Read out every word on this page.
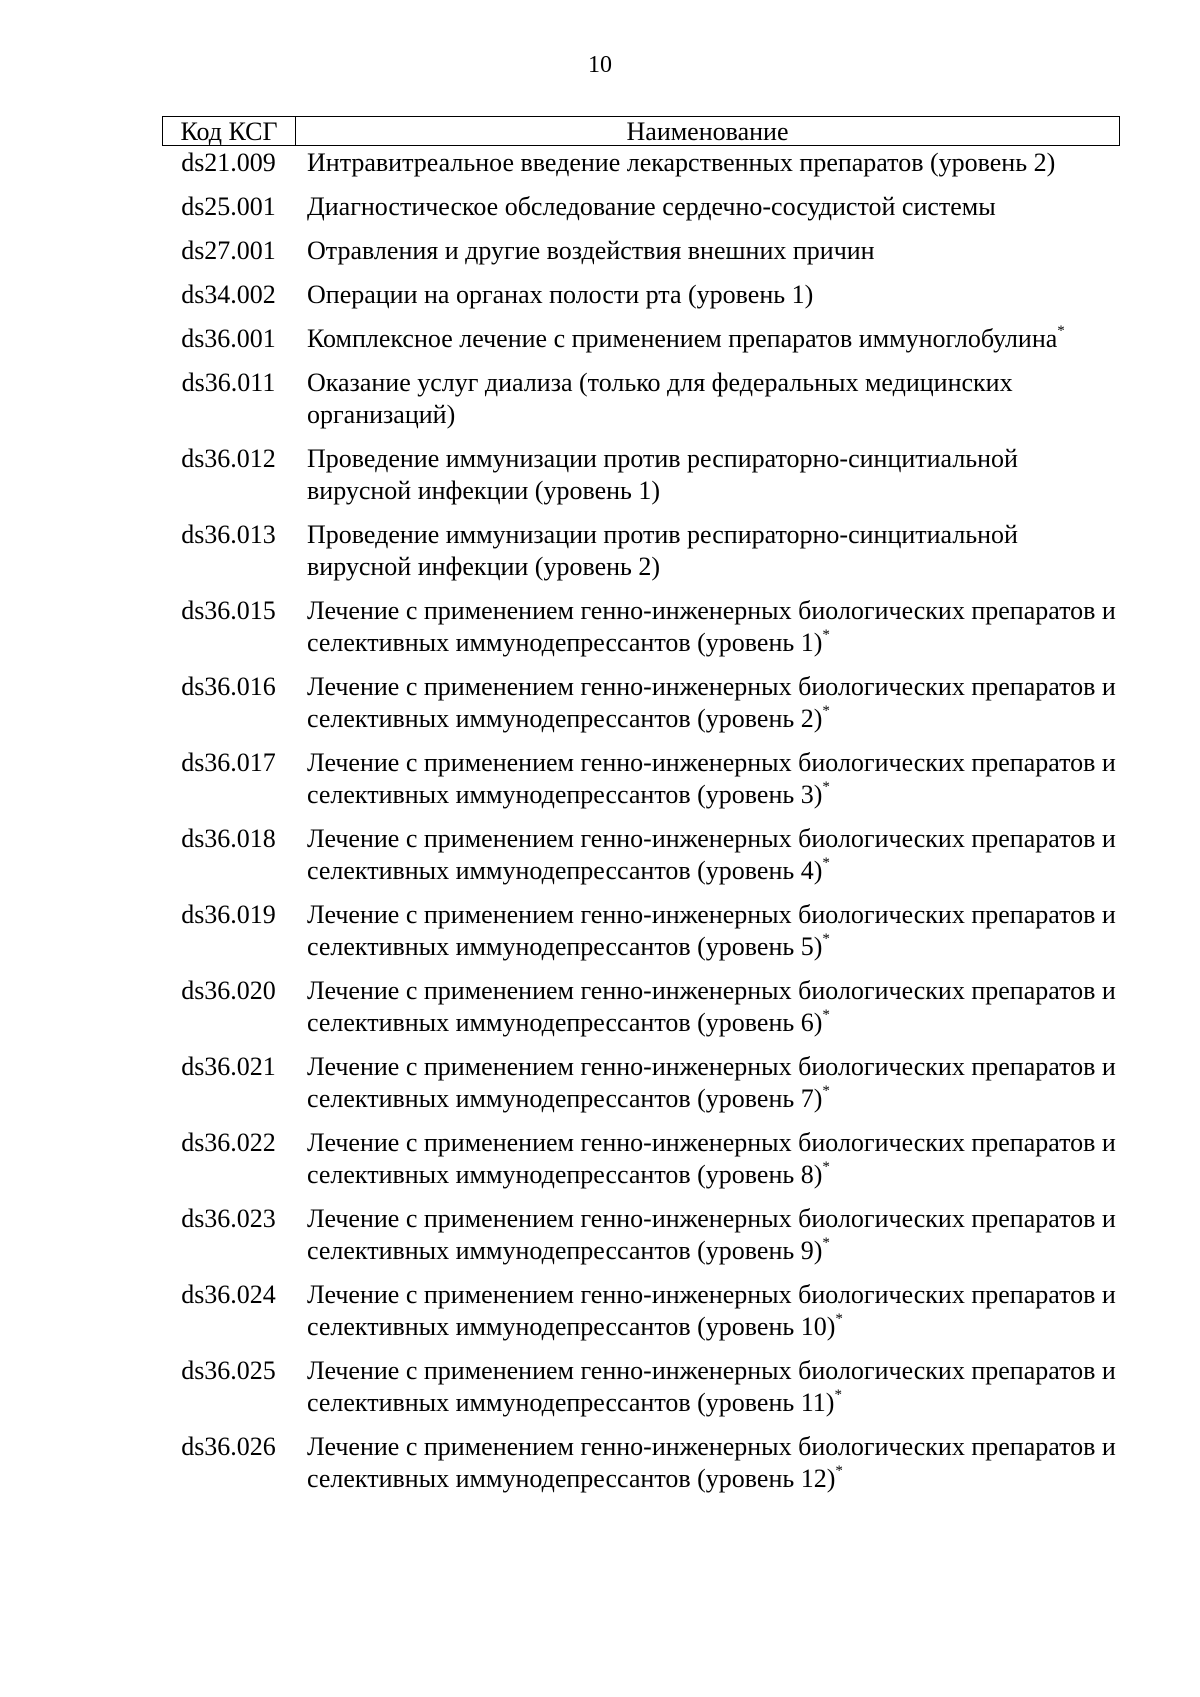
10
Код КСГ	Наименование
ds21.009	Интравитреальное введение лекарственных препаратов (уровень 2)
ds25.001	Диагностическое обследование сердечно-сосудистой системы
ds27.001	Отравления и другие воздействия внешних причин
ds34.002	Операции на органах полости рта (уровень 1)
ds36.001	Комплексное лечение с применением препаратов иммуноглобулина*
ds36.011	Оказание услуг диализа (только для федеральных медицинских организаций)
ds36.012	Проведение иммунизации против респираторно-синцитиальной вирусной инфекции (уровень 1)
ds36.013	Проведение иммунизации против респираторно-синцитиальной вирусной инфекции (уровень 2)
ds36.015	Лечение с применением генно-инженерных биологических препаратов и селективных иммунодепрессантов (уровень 1)*
ds36.016	Лечение с применением генно-инженерных биологических препаратов и селективных иммунодепрессантов (уровень 2)*
ds36.017	Лечение с применением генно-инженерных биологических препаратов и селективных иммунодепрессантов (уровень 3)*
ds36.018	Лечение с применением генно-инженерных биологических препаратов и селективных иммунодепрессантов (уровень 4)*
ds36.019	Лечение с применением генно-инженерных биологических препаратов и селективных иммунодепрессантов (уровень 5)*
ds36.020	Лечение с применением генно-инженерных биологических препаратов и селективных иммунодепрессантов (уровень 6)*
ds36.021	Лечение с применением генно-инженерных биологических препаратов и селективных иммунодепрессантов (уровень 7)*
ds36.022	Лечение с применением генно-инженерных биологических препаратов и селективных иммунодепрессантов (уровень 8)*
ds36.023	Лечение с применением генно-инженерных биологических препаратов и селективных иммунодепрессантов (уровень 9)*
ds36.024	Лечение с применением генно-инженерных биологических препаратов и селективных иммунодепрессантов (уровень 10)*
ds36.025	Лечение с применением генно-инженерных биологических препаратов и селективных иммунодепрессантов (уровень 11)*
ds36.026	Лечение с применением генно-инженерных биологических препаратов и селективных иммунодепрессантов (уровень 12)*
